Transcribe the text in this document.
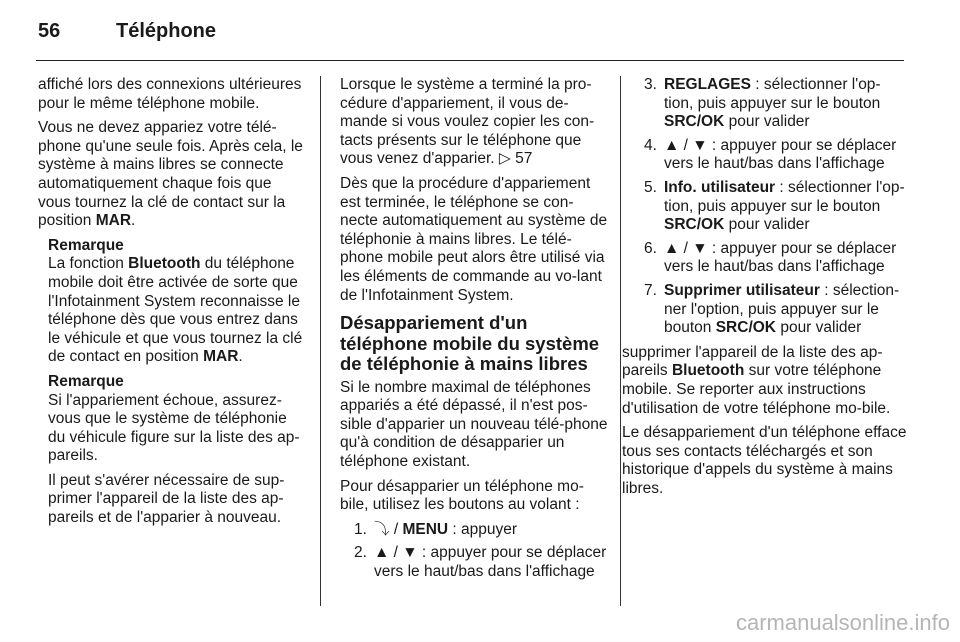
56	Téléphone

affiché lors des connexions ultérieures pour le même téléphone mobile.

Vous ne devez appariez votre télé-phone qu'une seule fois. Après cela, le système à mains libres se connecte automatiquement chaque fois que vous tournez la clé de contact sur la position MAR.

Remarque
La fonction Bluetooth du téléphone mobile doit être activée de sorte que l'Infotainment System reconnaisse le téléphone dès que vous entrez dans le véhicule et que vous tournez la clé de contact en position MAR.

Remarque
Si l'appariement échoue, assurez-vous que le système de téléphonie du véhicule figure sur la liste des ap-pareils.

Il peut s'avérer nécessaire de sup-primer l'appareil de la liste des ap-pareils et de l'apparier à nouveau.

Lorsque le système a terminé la pro-cédure d'appariement, il vous de-mande si vous voulez copier les con-tacts présents sur le téléphone que vous venez d'apparier. ▷ 57

Dès que la procédure d'appariement est terminée, le téléphone se con-necte automatiquement au système de téléphonie à mains libres. Le télé-phone mobile peut alors être utilisé via les éléments de commande au vo-lant de l'Infotainment System.

Désappariement d'un téléphone mobile du système de téléphonie à mains libres

Si le nombre maximal de téléphones appariés a été dépassé, il n'est pos-sible d'apparier un nouveau télé-phone qu'à condition de désapparier un téléphone existant.

Pour désapparier un téléphone mo-bile, utilisez les boutons au volant :

1. ⤵ / MENU : appuyer
2. ▲ / ▼ : appuyer pour se déplacer vers le haut/bas dans l'affichage
3. REGLAGES : sélectionner l'op-tion, puis appuyer sur le bouton SRC/OK pour valider
4. ▲ / ▼ : appuyer pour se déplacer vers le haut/bas dans l'affichage
5. Info. utilisateur : sélectionner l'op-tion, puis appuyer sur le bouton SRC/OK pour valider
6. ▲ / ▼ : appuyer pour se déplacer vers le haut/bas dans l'affichage
7. Supprimer utilisateur : sélection-ner l'option, puis appuyer sur le bouton SRC/OK pour valider

supprimer l'appareil de la liste des ap-pareils Bluetooth sur votre téléphone mobile. Se reporter aux instructions d'utilisation de votre téléphone mo-bile.

Le désappariement d'un téléphone efface tous ses contacts téléchargés et son historique d'appels du système à mains libres.

carmanualsonline.info
